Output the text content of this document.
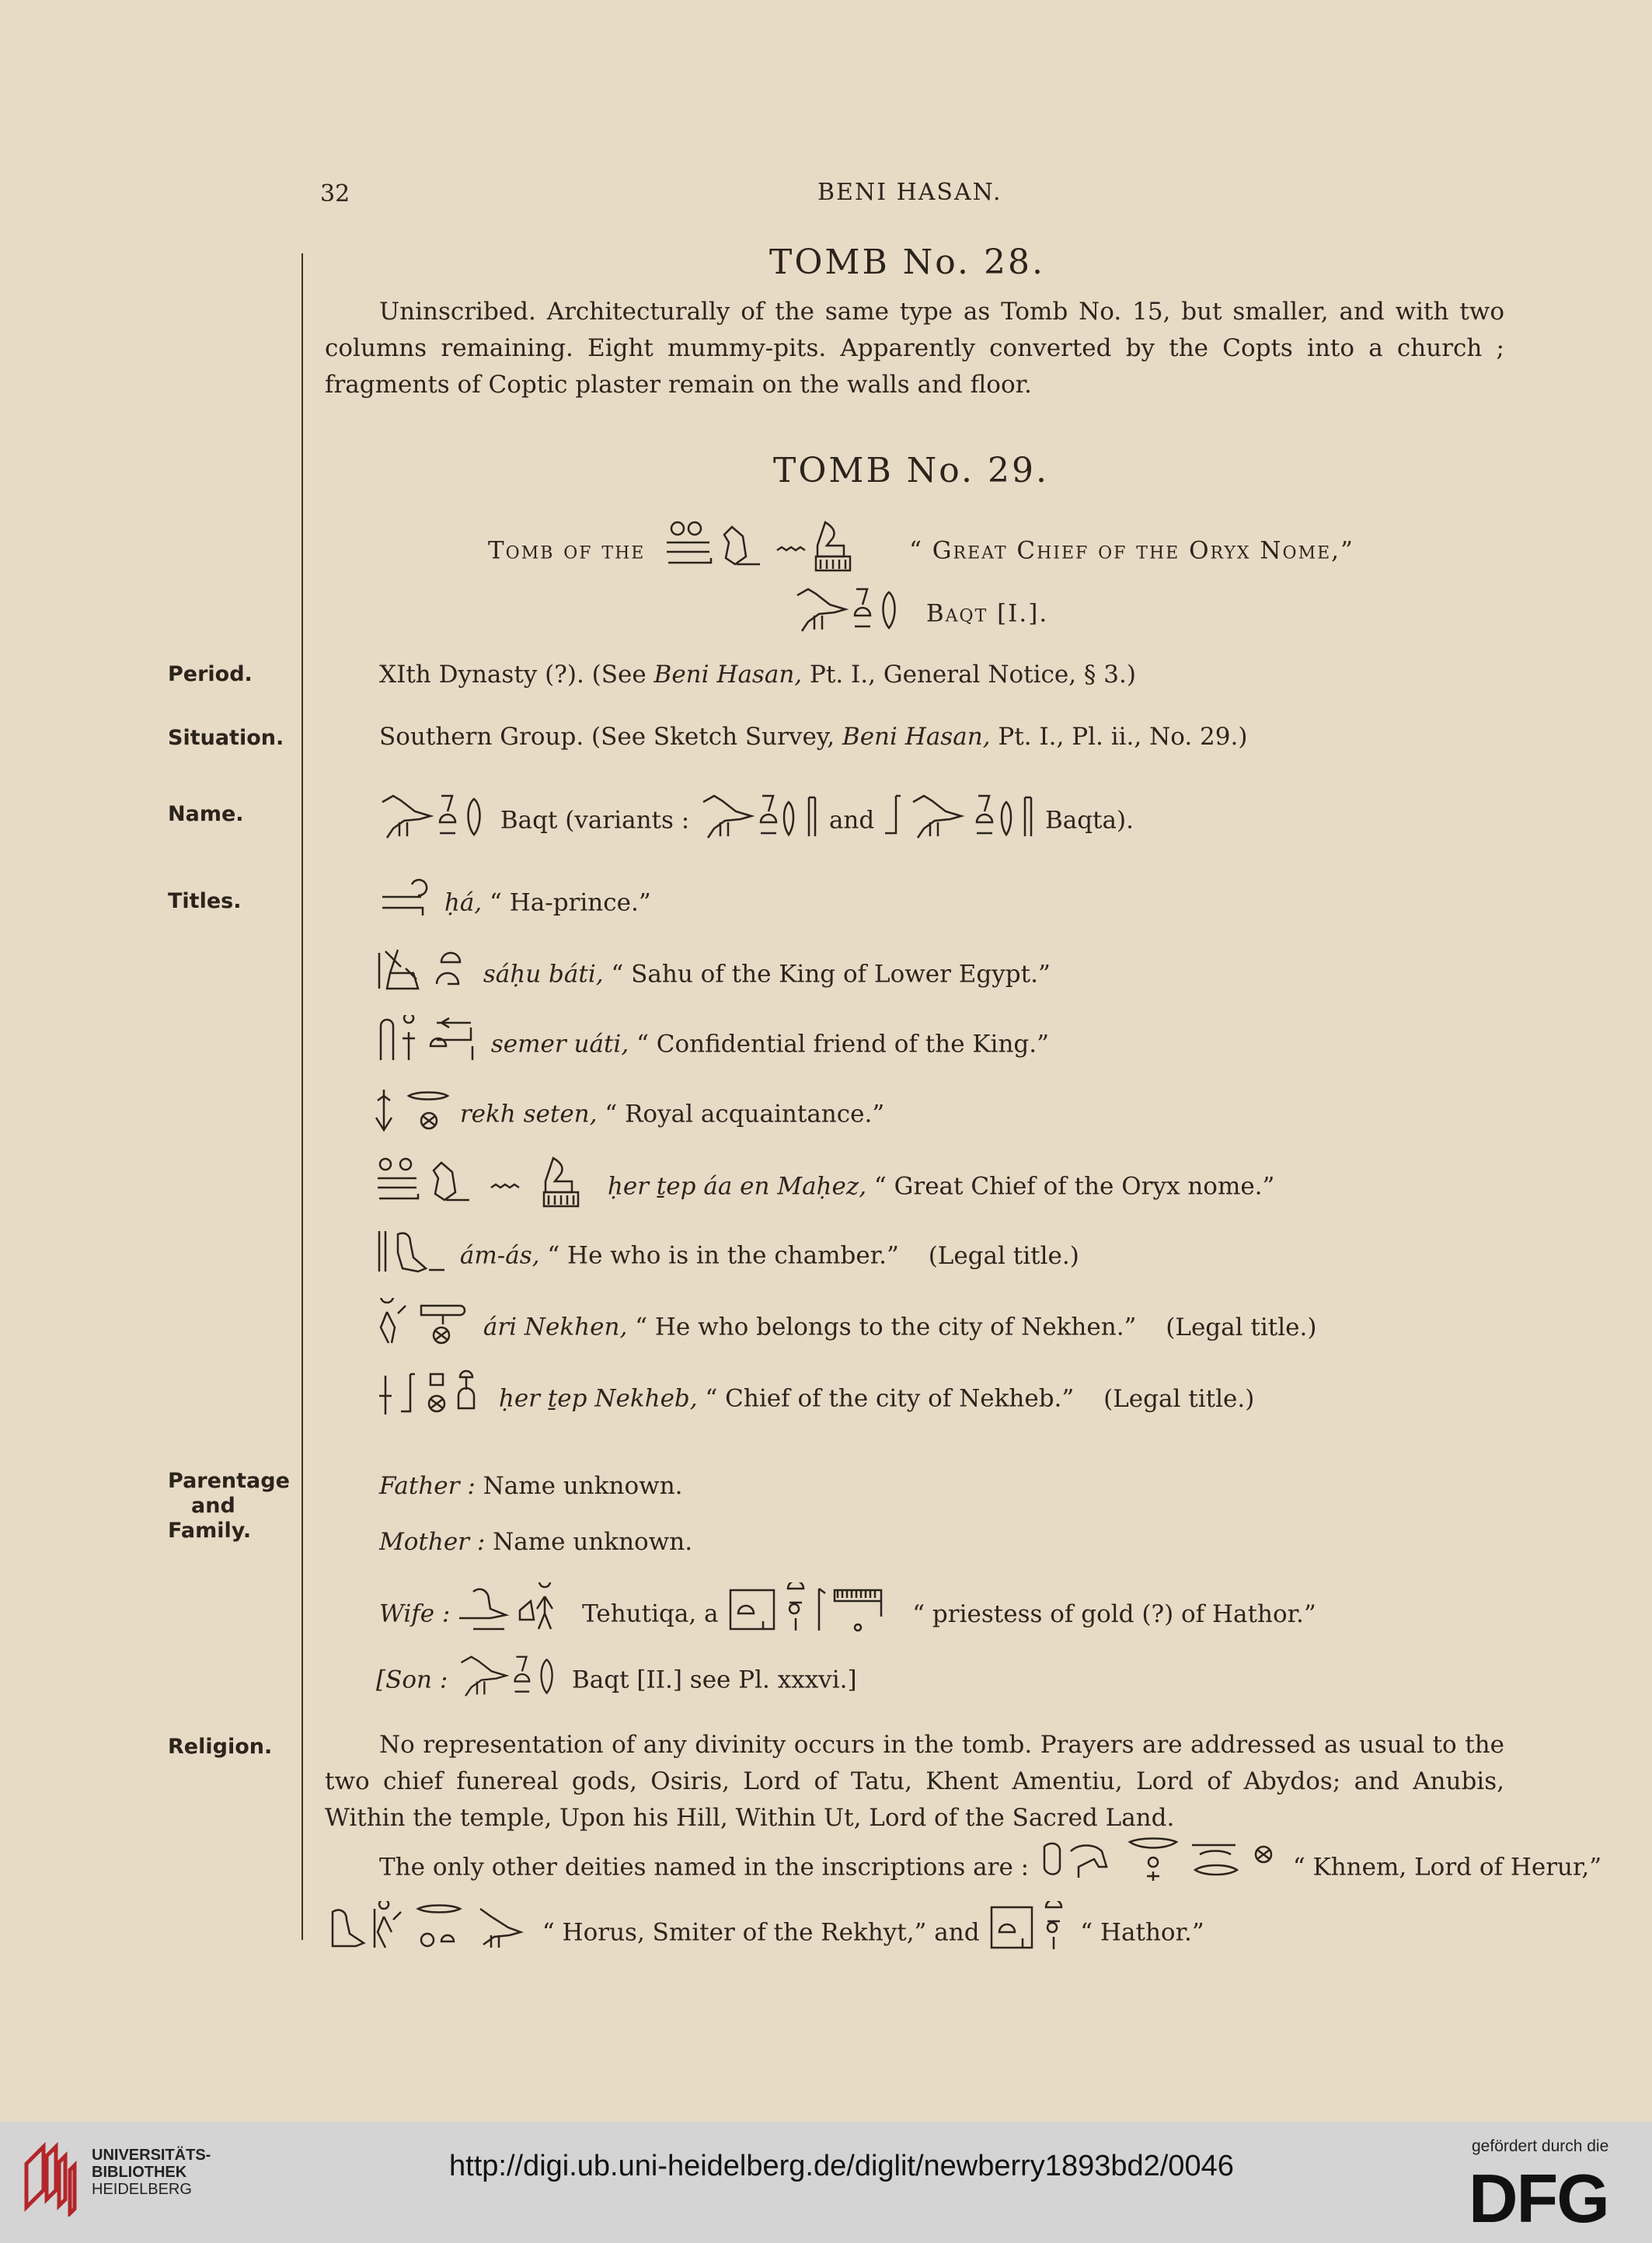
32	BENI HASAN.
TOMB No. 28.
Uninscribed. Architecturally of the same type as Tomb No. 15, but smaller, and with two columns remaining. Eight mummy-pits. Apparently converted by the Copts into a church ; fragments of Coptic plaster remain on the walls and floor.
TOMB No. 29.
Tomb of the	“ Great Chief of the Oryx Nome,”
Baqt [I.].
Period.	XIth Dynasty (?). (See Beni Hasan, Pt. I., General Notice, § 3.)
Situation.	Southern Group. (See Sketch Survey, Beni Hasan, Pt. I., Pl. ii., No. 29.)
Name.	Baqt (variants :	and	Baqta).
Titles.	ḥá, “ Ha-prince.”
sáḥu báti, “ Sahu of the King of Lower Egypt.”
semer uáti, “ Confidential friend of the King.”
rekh seten, “ Royal acquaintance.”
ḥer ṯep áa en Maḥez, “ Great Chief of the Oryx nome.”
ám-ás, “ He who is in the chamber.” (Legal title.)
ári Nekhen, “ He who belongs to the city of Nekhen.” (Legal title.)
ḥer ṯep Nekheb, “ Chief of the city of Nekheb.” (Legal title.)
Parentage
and
Family.
Father : Name unknown.
Mother : Name unknown.
Wife :	Tehutiqa, a	“ priestess of gold (?) of Hathor.”
[Son :	Baqt [II.] see Pl. xxxvi.]
Religion.	No representation of any divinity occurs in the tomb. Prayers are addressed as usual to the two chief funereal gods, Osiris, Lord of Tatu, Khent Amentiu, Lord of Abydos; and Anubis, Within the temple, Upon his Hill, Within Ut, Lord of the Sacred Land.
The only other deities named in the inscriptions are :	“ Khnem, Lord of Herur,”
“ Horus, Smiter of the Rekhyt,” and	“ Hathor.”
UNIVERSITÄTS-
BIBLIOTHEK
HEIDELBERG
http://digi.ub.uni-heidelberg.de/diglit/newberry1893bd2/0046
gefördert durch die
DFG
